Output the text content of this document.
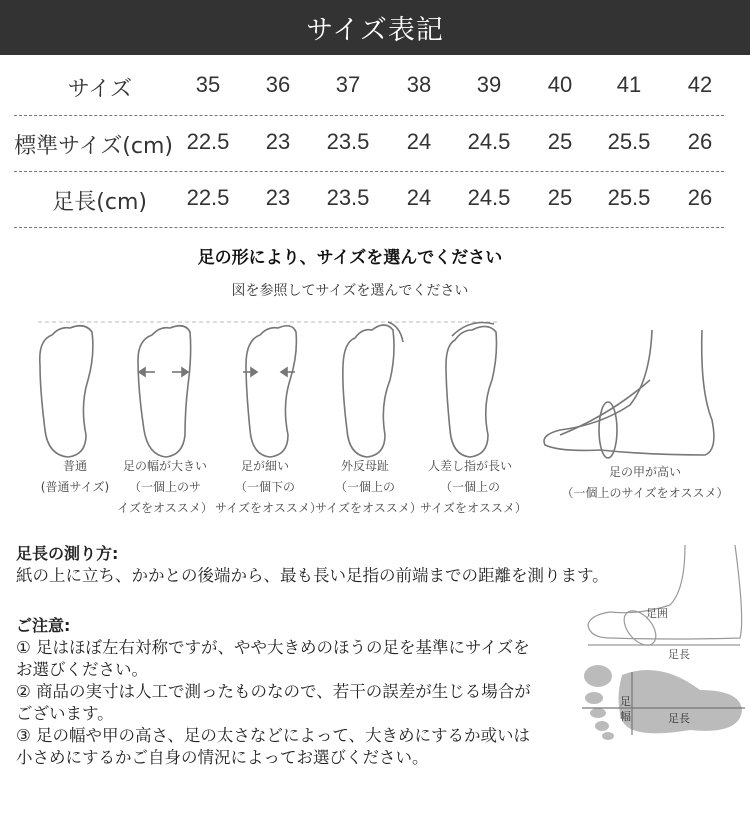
サイズ表記
サイズ	35	36	37	38	39	40	41	42
標準サイズ(cm) 22.5	23	23.5	24	24.5	25	25.5	26
足長(cm)	22.5	23	23.5	24	24.5	25	25.5	26
足の形により、サイズを選んでください
図を参照してサイズを選んでください
普通
(普通サイズ)
足の幅が大きい
（一個上のサ
イズをオススメ）
足が細い
（一個下の
サイズをオススメ）
外反母趾
（一個上の
サイズをオススメ）
人差し指が長い
（一個上の
サイズをオススメ）
足の甲が高い
（一個上のサイズをオススメ）
足長の測り方:
紙の上に立ち、かかとの後端から、最も長い足指の前端までの距離を測ります。
ご注意:
① 足はほぼ左右対称ですが、やや大きめのほうの足を基準にサイズを
お選びください。
② 商品の実寸は人工で測ったものなので、若干の誤差が生じる場合が
ございます。
③ 足の幅や甲の高さ、足の太さなどによって、大きめにするか或いは
小さめにするかご自身の情況によってお選びください。
足囲
足長
足
幅	足長
